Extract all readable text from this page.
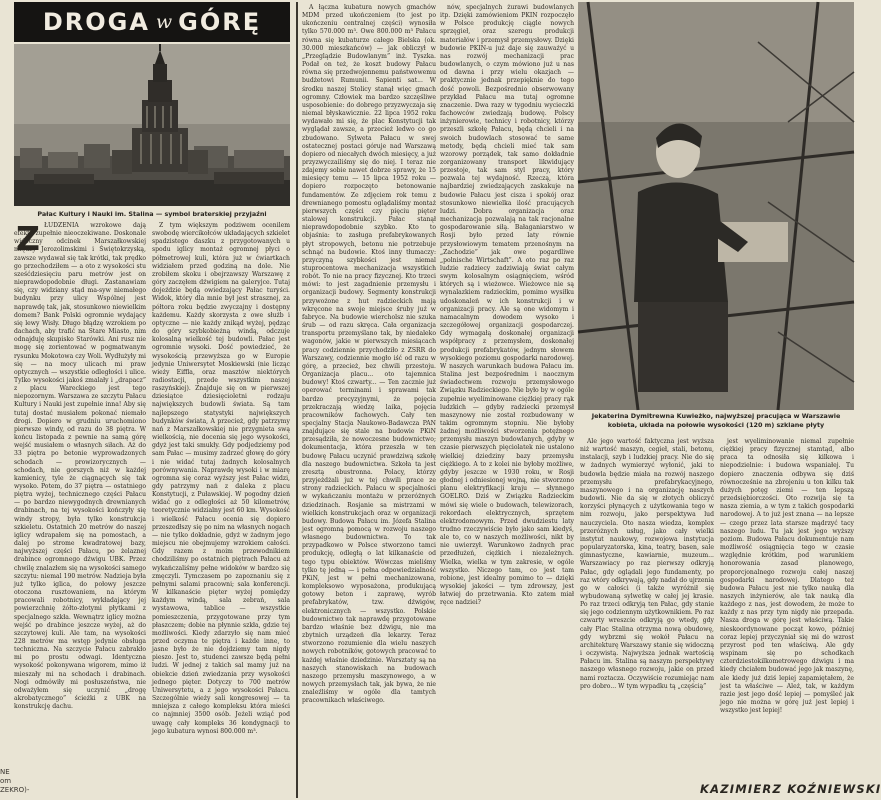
DROGA w GÓRĘ
Pałac Kultury i Nauki im. Stalina — symbol braterskiej przyjaźni
Z ŁUDZENIA wzrokowe dają efekty zupełnie nieoczekiwane. Doskonale widoczny odcinek Marszałkowskiej między Jerozolimskimi i Świętokrzyską, zawsze wydawał się tak krótki, tak prędko go przechodziłem — a oto z wysokości stu sześćdziesięciu paru metrów jest on nieprawdopodobnie długi. Zastanawiam się, czy widziany stąd ma-syw niemałego budynku przy ulicy Wspólnej jest naprawdę tak, jak, stosunkowo niewielkim domem? Bank Polski ogromnie wydający się lewy Wisły. Długo błądzę wzrokiem po dachach, aby trafić na Stare Miasto, nim odnajduję skupisko Starówki. Ani rusz nie mogę się zorientować w pogmatwanym rysunku Mokotowa czy Woli. Wydłużyły mi się — na mocy ulicach mi praw optycznych — wszystkie odległości i ulice. Tylko wysokości jakoś zmalały i „drapacz” z placu Wareckiego jest tego niepozornym. Warszawa ze szczytu Pałacu Kultury i Nauki jest zupełnie inna! Aby się tutaj dostać musiałem pokonać niemało drogi. Dopiero w grudniu uruchomiono pierwsze windy, od razu do 38 piętra. W końcu listopada z pewnie na samą górę wejść musiałem o własnych siłach. Aż do 33 piętra po betonie wyprowadzonych schodach — prowizorycznych — schodach, nie gorszych niż w każdej kamienicy, tyle że ciągnących się tak wysoko. Potem, do 37 piętra — ostatniego piętra wyżej, technicznego części Pałacu — po bardzo niewygodnych drewnianych drabinach, na tej wysokości kończyły się windy stropy, była tylko konstrukcja szkieletu. Ostatnich 20 metrów do naszej iglicy wdrapałem się na pomostach, a dalej po strome kwadratowej bazy, najwyższej części Pałacu, po żelaznej drabince ogromnego dźwigu UBK. Przez chwilę znalazłem się na wysokości samego szczytu: niemal 190 metrów. Nadzieja była już tylko iglica, do połowy jeszcze otoczona rusztowaniem, na którym pracowali robotnicy, wykładający jej powierzchnię żółto-złotymi płytkami z specjalnego szkła. Wewnątrz iglicy można wejść po drabince jeszcze wyżej, aż do szczytowej kuli. Ale tam, na wysokości 228 metrów ma wstęp jedynie obsługa techniczna. Na szczycie Pałacu zabrakło mi po prostu odwagi. Identyczna wysokość pokonywana wigorem, mimo iż mieszały mi na schodach i drabinach. Nogi odmówiły mi posłuszeństwa, nie odważyłem się uczynić „drogę akrobatycznego” ścieżki z UBK na konstrukcję dachu.

Z tym większym podziwem ocenilem swobodę wiercikołców układających szkielet spadzistego daszku z przygotowanych u spodu iglicy montaż ogromnej płyci o półmetrowej kuli, która już w ćwiartkach widziałem przed godziną na dole. Nie zrobiłem skoku i obejrzawszy Warszawę z góry zaczęłem dźwigiem na galeryjce. Tutaj dojeździe będą owiedzający Pałac turyści. Widok, który dla mnie był jest strasznej, za półtora roku będzie zwyczajny i dostępny każdemu. Każdy skorzysta z owe służb i optyczne — nie każdy znikąd wyżej, pędząc do góry szybkobieżną windą, odczuje kolosalną wielkość tej budowli. Pałac jest ogromnie wysoki. Dość powiedzieć, że wysokością przewyższa go w Europie jedynie Uniwersytet Moskiewski (nie licząc wieży Eiffla, oraz masztów niektórych radiostacji, przede wszystkim naszej raszyńskiej). Znajduje się on w pierwszej dziesiątce dziesięcioletni rodzaju największych budowli świata. Są tam najlepszego statystyki największych budynków świata, A przecież, gdy patrzymy nań z Marszałkowskiej nie przygnieta swą wielkością, nie docenia się jego wysokości, gdyż jest taki smukły. Gdy podjedziemy pod sam Pałac — musimy zadrzeć głowę do góry i nie widać tutaj żadnych kolosalnych porównywania. Naprawdę wysoki i w miarę ogromna się coraz wyższy jest Pałac widzi, gdy patrzymy nań z daleka z placu Konstytucji, z Puławskiej. W pogodny dzień widać go z odległości aż 50 kilometrów, teoretycznie widzialny jest 60 km. Wysokość i wielkość Pałacu ocenia się dopiero przeszedłszy się po nim na własnych nogach — nie tylko dokładnie, gdyż w żadnym jego miejscu nie obejmujemy wzrokiem całości. Gdy razem z moim przewodnikiem chodziliśmy po ostatnich piętrach Pałacu aż wykańczaliśmy pełne widoków w bardzo się zmęczyli. Tymczasem po zapoznaniu się z pełnymi salami pracowni; sala konferencji. W kilkanaście pięter wyżej pomiędzy każdym windą, sala zebrań, sala wystawowa, tablice — wszystkie pomieszczenia, przygotowane przy tym płaszczem; dobie na płynnie szkła, gdzie tej możliwości. Kiedy zdarzyło się nam mieć przed oczyma te piętra i każde inne, to jasne było że nie dojdziemy tam nigdy pieszo. Jest to, studenci zawsze będą pełni ludzi. W jednej z takich sal mamy już na obiekcie dzień zwiedzania przy wysokości jednego pięter. Dotyczy to 700 metrów Uniwersytetu, a z jego wysokości Pałacu. Szczególnie wieży sali kongresowej — ta mniejsza z całego kompleksu która mieści co najmniej 3500 osób. Jeżeli wziąć pod uwagę cały kompleks 36 kondygnacji to jego kubatura wynosi 800.000 m³.

A łączna kubatura nowych gmachów MDM przed ukończeniem (to jest po ukończeniu centralnej części) wynosiła tylko 570.000 m³. Owe 800.000 m³ Pałacu równa się kubaturze całego Bielska (ok. 30.000 mieszkańców) — jak obliczył w „Przeglądzie Budowlanym” inż. Tyszka. Podał on też, że koszt budowy Pałacu równa się przedwojennemu państwowemu budżetowi Rumunii. Sapienti sat... W środku naszej Stolicy stanął więc gmach ogromny. Człowiek ma bardzo szczęśliwe usposobienie: do dobrego przyzwyczaja się niemal błyskawicznie. 22 lipca 1952 roku wydawało mi się, że plac Konstytucji tak wyglądał zawsze, a przecież ledwo co go zbudowano. Sylweta Pałacu w swej ostatecznej postaci góruje nad Warszawą dopiero od niecałych dwóch miesięcy, a już przyzwyczailiśmy się do niej. I teraz nie zdajemy sobie nawet dobrze sprawy, że 15 miesięcy temu — 15 lipca 1952 roku — dopiero rozpoczęto betonowanie fundamentów. Ze zdjęciem rok temu z drewnianego pomostu oglądaliśmy montaż pierwszych części czy pięciu pięter stalowej konstrukcji. Pałac stanął nieprawdopodobnie szybko. Kto to objaśnia: to zasługa prefabrykowanych płyt stropowych, betonu nie potrzebuje schnąć na budowie. Ktoś inny tłumaczy: przyczyną szybkości jest niemal stuprocentowa mechanizacja wszystkich robót. To nie na pracy fizycznej. Kto trzeci mówi: to jest zagadnienie przemysłu i organizacji budowy. Segmenty konstrukcji przywożone z hut radzieckich mają wkręcone na swoje miejsce śruby już w fabryce. Na budowie wiercholsz nie szuka śrub — od razu skręca. Cała organizacja transportu przemyślano tak, by niedaleko wagonów, jakie w pierwszych miesiącach pracy codziennie przychodziło z ZSRR do Warszawy, codziennie mogło iść od razu w górę, a przecież, bez chwili przestoju. Organizacja placu... oto tajemnica budowy! Ktoś czwarty... — Ten zacznie już operować terminami i sprawami tak bardzo precyzyjnymi, że pojęcia przekraczają wiedzę laika, pojęcia pracowników fachowych. Cały ten specjalny Stacja Naukowo-Badawcza PAN znajdujące się stale na budowie PKiN przesądziła, że nowoczesne budownictwo; dokumentacja, która przeszła w ten budowę Pałacu uczynić prawdziwą szkołę dla naszego budownictwa. Szkoła ta jest zresztą obustronna. Polacy, którzy przyjeżdżali już w tej chwili prace ze strony radzieckich. Pałacu w specjalności w wykańczaniu montażu w przeróżnych dziedzinach. Rosjanie sa mistrzami w wielkich konstrukcjach oraz w organizacji budowy. Budowa Pałacu im. Józefa Stalina jest ogromną pomocą w rozwoju naszego własnego budownictwa. To tak przypadkowo w Polsce stworzono tamci produkcję, odległą o lat kilkanaście od tego typu obiektów. Wówczas mieliśmy tylko tę jedną — i pełna odpowiedzialność PKiN, jest w pełni mechanizowana, kompleksowo wyposażona, produkującą gotowy beton i zaprawę, wyrób prefabrykatów, tzw. dźwigów, elektronicznych — wszystko. Polskie budownictwo tak naprawdę przygotowane bardzo właśnie bez dźwigu, nie ma zbytnich urządzeń dla lekarzy. Teraz stworzono rozumienie dla wielu naszych nowych robotników, gotowych pracować to każdej właśnie dziedzinie. Warsztaty są na naszych stanowiskach na budowach naszego przemysłu maszynowego, a w nowych przemysłach tak, jak bywa, że nie znaleźliśmy w ogóle dla tamtych pracownikach właściwego.

nów, specjalnych żurawi budowlanych itp. Dzięki zamówieniom PKIN rozpoczęło w Polsce produkcję ciągle nowych sprzęgieł, oraz szeregu produkcji materiałów i przemysł przemysłowy. Dzięki budowie PKIN-u już daje się zauważyć u nas rozwój mechanizacji prac budowlanych, o czym mówiono już u nas od dawna i przy wielu okazjach — praktycznie jednak przepięknie do tego dość powoli. Bezpośrednio obserwowany przykład Pałacu ma tutaj ogromne znaczenie. Dwa razy w tygodniu wycieczki fachowców zwiedzają budowę. Polscy inżynierowie, technicy i robotnicy, którzy przeszli szkołę Pałacu, będą chcieli i na swoich budowlach stosować te same metody, będą chcieli mieć tak sam wzorowy porządek, tak samo dokładnie zorganizowany transport likwidujący przestoje, tak sam styl pracy, który pozwala tej wydajność. Rzeczą, która najbardziej zwiedzających zaskakuje na budowie Pałacu jest cisza i spokój oraz stosunkowo niewielka ilość pracujących ludzi. Dobra organizacja oraz mechanizacja pozwalają na tak racjonalne gospodarowanie siłą. Bałaganiarstwo w Rosji było przed laty równie przysłowiowym tematem przenośnym na „Zachodzie” jak owe pogardliwe „polnische Wirtschaft”. A oto raz po raz ludzie radziecy zadziwiają świat całym swym kolosalnym osiągnięciem, wśród których są i wieżowce. Wieżowce nie są wynalazkiem radzieckim, pomimo wysiłku udoskonaleń w ich konstrukcji i w organizacji pracy. Ale są one widomym i namacalnym dowodem wysoko i szczegółowej organizacji gospodarczej. Gdy wymagałą doskonałej organizacji współpracy z przemysłem, doskonałej produkcji prefabrykatów, jednym słowem wysokiego poziomu gospodarki narodowej. W naszych warunkach budowa Pałacu im. Stalina jest bezpośrednim i naocznym świadectwem rozwoju przemysłowego Związku Radzieckiego. Nie było by w ogóle zupełnie wyeliminowane ciężkiej pracy rąk ludzkich — gdyby radziecki przemysł maszynowy nie został rozbudowany w takim ogromnym stopniu. Nie byłoby żadnej możliwości stworzenia potężnego przemysłu maszyn budowlanych, gdyby w czasie pierwszych pięciolatek nie ustalono wielkiej dziedziny bazy przemysłu ciężkiego. A to z kolei nie byłoby możliwe, gdyby jeszcze w 1930 roku, w Rosji głodnej i odniesionej wojną, nie stworzono planu elektryfikacji kraju — słynnego GOELRO. Dziś w Związku Radzieckim mówi się wiele o budowach, telewizorach, rekordach elektrycznych, sprzętem elektrodomowym. Przed dwudziestu laty trudno rzeczywiście było jako sam kiedyś, ale to, co w naszych możliwości, nikt by nie uwierzył. Warunkowo żadnych prac przedłużeń, ciężkich i niezależnych. Wielka, wielka w tym zakresie, w ogóle wszystko. Niczego tam, co jest tam robione, jest idealny pomimo to — dzięki wysokiej jakości — tym zdrowszy, jest łatwiej do przetrwania. Kto zatem miał ręce nadziei?

Jekaterina Dymitrewna Kuwieżko, najwyższej pracująca w Warszawie kobieta, układa na połowie wysokości (120 m) szklane płyty

Ale jego wartość faktyczna jest wyższa niż wartość maszyn, cegieł, stali, betonu, instalacji, szyb i ludzkiej pracy. Nie do się w żadnych wymierzyć wyłonić, jaki to budowla będzie miała na rozwój naszego przemysłu prefabrykacyjnego, maszynowego i na organizację naszych budowli. Nie da się w złotych obliczyć korzyści płynących z użytkowania tego w nim rozwoju, jako perspektywa lud nauczyciela. Oto nasza wiedza, komplex przeróżnych usług, jako cały wielki instytut naukowy, rozwojowa instytucja popularyzatorska, kina, teatry, basen, sale gimnastyczne, kawiarnie, muzeum... Warszawiacy po raz pierwszy odkryją Pałac, gdy oglądali jego fundamenty, po raz wtóry odkrywają, gdy nadał do ujrzenia go w całości (i także wyróżnił się wybudowaną sylwetkę w całej jej krasie. Po raz trzeci odkryją ten Pałac, gdy stanie się jego codziennym użytkownikiem. Po raz czwarty wreszcie odkryją go wtedy, gdy cały Plac Stalina otrzyma nową obudowę, gdy wybrzmi się wokół Pałacu na architekturę Warszawy stanie się widoczną i oczywistą. Najwyższa jednak wartością Pałacu im. Stalina są naszym perspektywy naszego własnego rozwoju, jakie on przed nami roztacza. Oczywiście rozumiejąc nam pro dobro... W tym wypadku tą „częścią”

jest wyeliminowanie niemal zupełnie ciężkiej pracy fizycznej stamtąd, albo praca ta odnosiła się kilkowa i niepodzielnie: i budowa wspaniałej. Tu dopiero znaczenia odbywa się dziś równocześnie na zbrojeniu u ton kilku tak dużych potęg ziemi — ten lepszą przedsiębiorczości. Oto rozwija się ta nasza ziemia, a w tym z takich gospodarki narodowej. A to już jest znana — na lepsze — czego przez lata starsze mądrzyć tacy naszego ludu. Tu jak jest jego wyższy poziom. Budowa Pałacu dokumentuje nam możliwość osiągnięcia tego w czasie względnie krótkim, pod warunkiem honorowania zasad planowego, proporcjonalnego rozwoju całej naszej gospodarki narodowej. Dlatego też budowa Pałacu jest nie tylko nauką dla naszych inżynierów, ale tak nauką dla każdego z nas, jest dowodem, że może to każdy z nas przy tym nigdy nie przepada. Nasza droga w górę jest właściwą. Takie nieskoordynowane począt kowo, później coraz lepiej przyczyniał się mi do wzrost przyrost pod ten właściwą. Ale gdy wspinam się po schodkach czterdziestokilkometrowego dźwigu i ma kiedy chciałem budować jego jak maszynę, ale kiedy już dziś lepiej zapamiętałem, że jest ta właściwe — Ależ, tak, w każdym razie jest jego dość lepiej — pomyśleć jak jego nie można w górę już jest lepiej i wszystko jest lepiej!

KAZIMIERZ KOŹNIEWSKI
NE om ZEKRO)-
